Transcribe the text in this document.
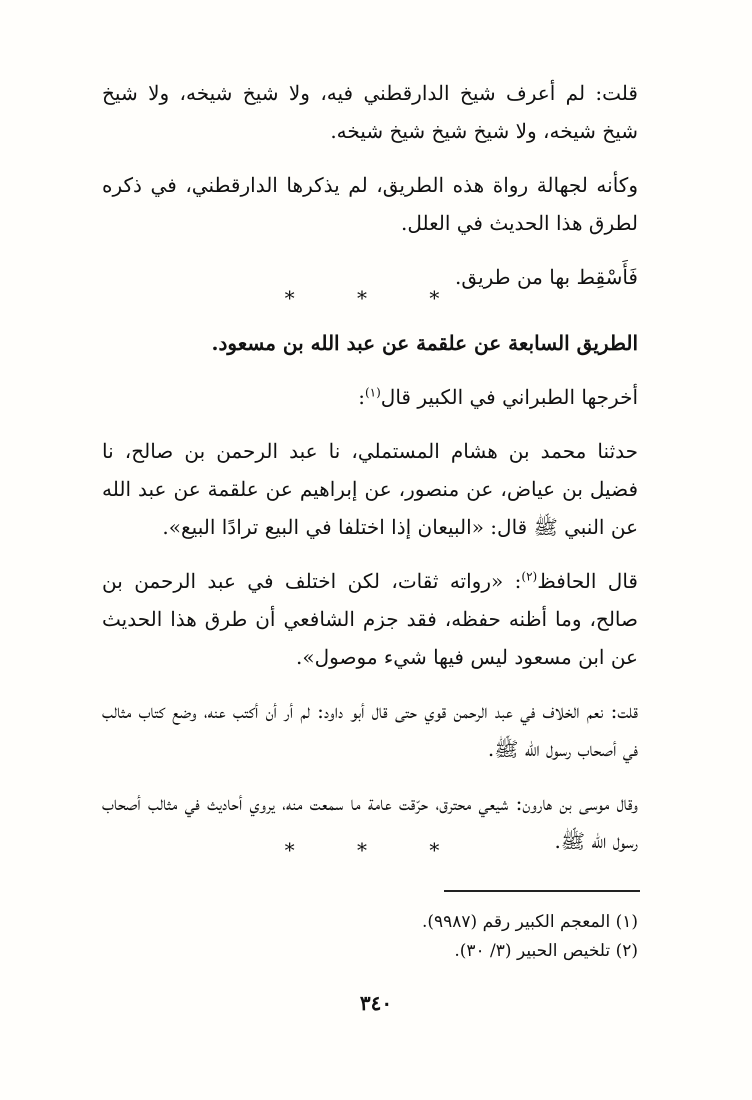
قلت: لم أعرف شيخ الدارقطني فيه، ولا شيخ شيخه، ولا شيخ شيخ شيخه، ولا شيخ شيخ شيخ شيخه.

وكأنه لجهالة رواة هذه الطريق، لم يذكرها الدارقطني، في ذكره لطرق هذا الحديث في العلل.

فَأَسْقِط بها من طريق.

* * *

الطريق السابعة عن علقمة عن عبد الله بن مسعود.

أخرجها الطبراني في الكبير قال$^{(١)}$:

حدثنا محمد بن هشام المستملي، نا عبد الرحمن بن صالح، نا فضيل بن عياض، عن منصور، عن إبراهيم عن علقمة عن عبد الله عن النبي ﷺ قال: «البيعان إذا اختلفا في البيع ترادًا البيع».

قال الحافظ$^{(٢)}$: «رواته ثقات، لكن اختلف في عبد الرحمن بن صالح، وما أظنه حفظه، فقد جزم الشافعي أن طرق هذا الحديث عن ابن مسعود ليس فيها شيء موصول».

قلت: نعم الخلاف في عبد الرحمن قوي حتى قال أبو داود: لم أر أن أكتب عنه، وضع كتاب مثالب في أصحاب رسول الله ﷺ.

وقال موسى بن هارون: شيعي محترق، حرّقت عامة ما سمعت منه، يروي أحاديث في مثالب أصحاب رسول الله ﷺ.

* * *
(١) المعجم الكبير رقم (٩٩٨٧).
(٢) تلخيص الحبير (٣/ ٣٠).
٣٤٠
